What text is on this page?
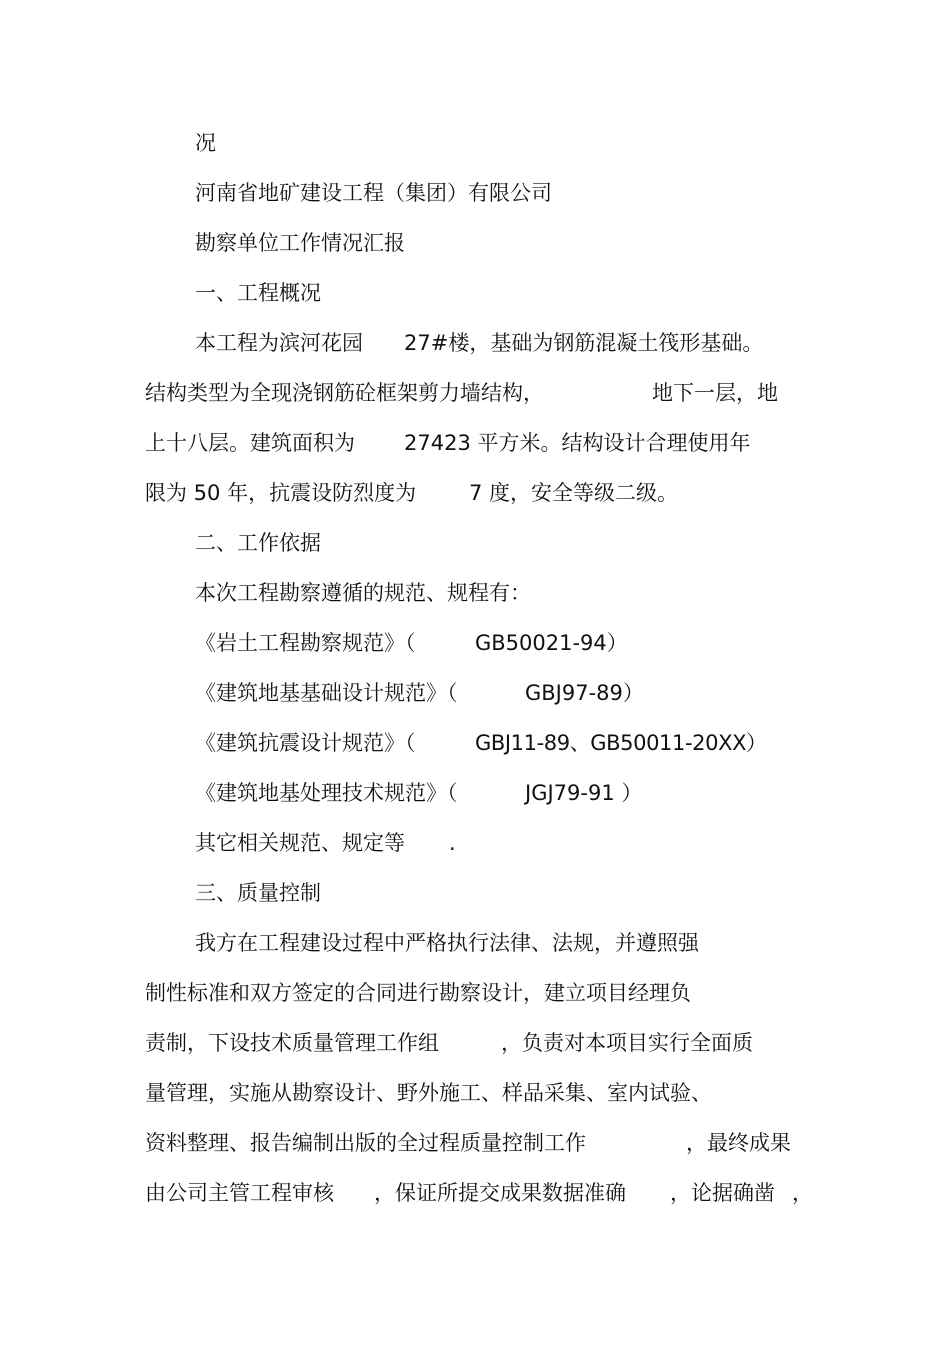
况
河南省地矿建设工程（集团）有限公司
勘察单位工作情况汇报
一、工程概况
本工程为滨河花园 27#楼，基础为钢筋混凝土筏形基础。
结构类型为全现浇钢筋砼框架剪力墙结构，	地下一层，地
上十八层。建筑面积为 27423 平方米。结构设计合理使用年
限为 50 年，抗震设防烈度为	7 度，安全等级二级。
二、工作依据
本次工程勘察遵循的规范、规程有：
《岩土工程勘察规范》（	GB50021-94）
《建筑地基基础设计规范》（	GBJ97-89）
《建筑抗震设计规范》（	GBJ11-89、GB50011-20XX）
《建筑地基处理技术规范》（	JGJ79-91 ）
其它相关规范、规定等 .
三、质量控制
我方在工程建设过程中严格执行法律、法规，并遵照强
制性标准和双方签定的合同进行勘察设计，建立项目经理负
责制，下设技术质量管理工作组	，负责对本项目实行全面质
量管理，实施从勘察设计、野外施工、样品采集、室内试验、
资料整理、报告编制出版的全过程质量控制工作	，最终成果
由公司主管工程审核 ，保证所提交成果数据准确 ，论据确凿 ，
